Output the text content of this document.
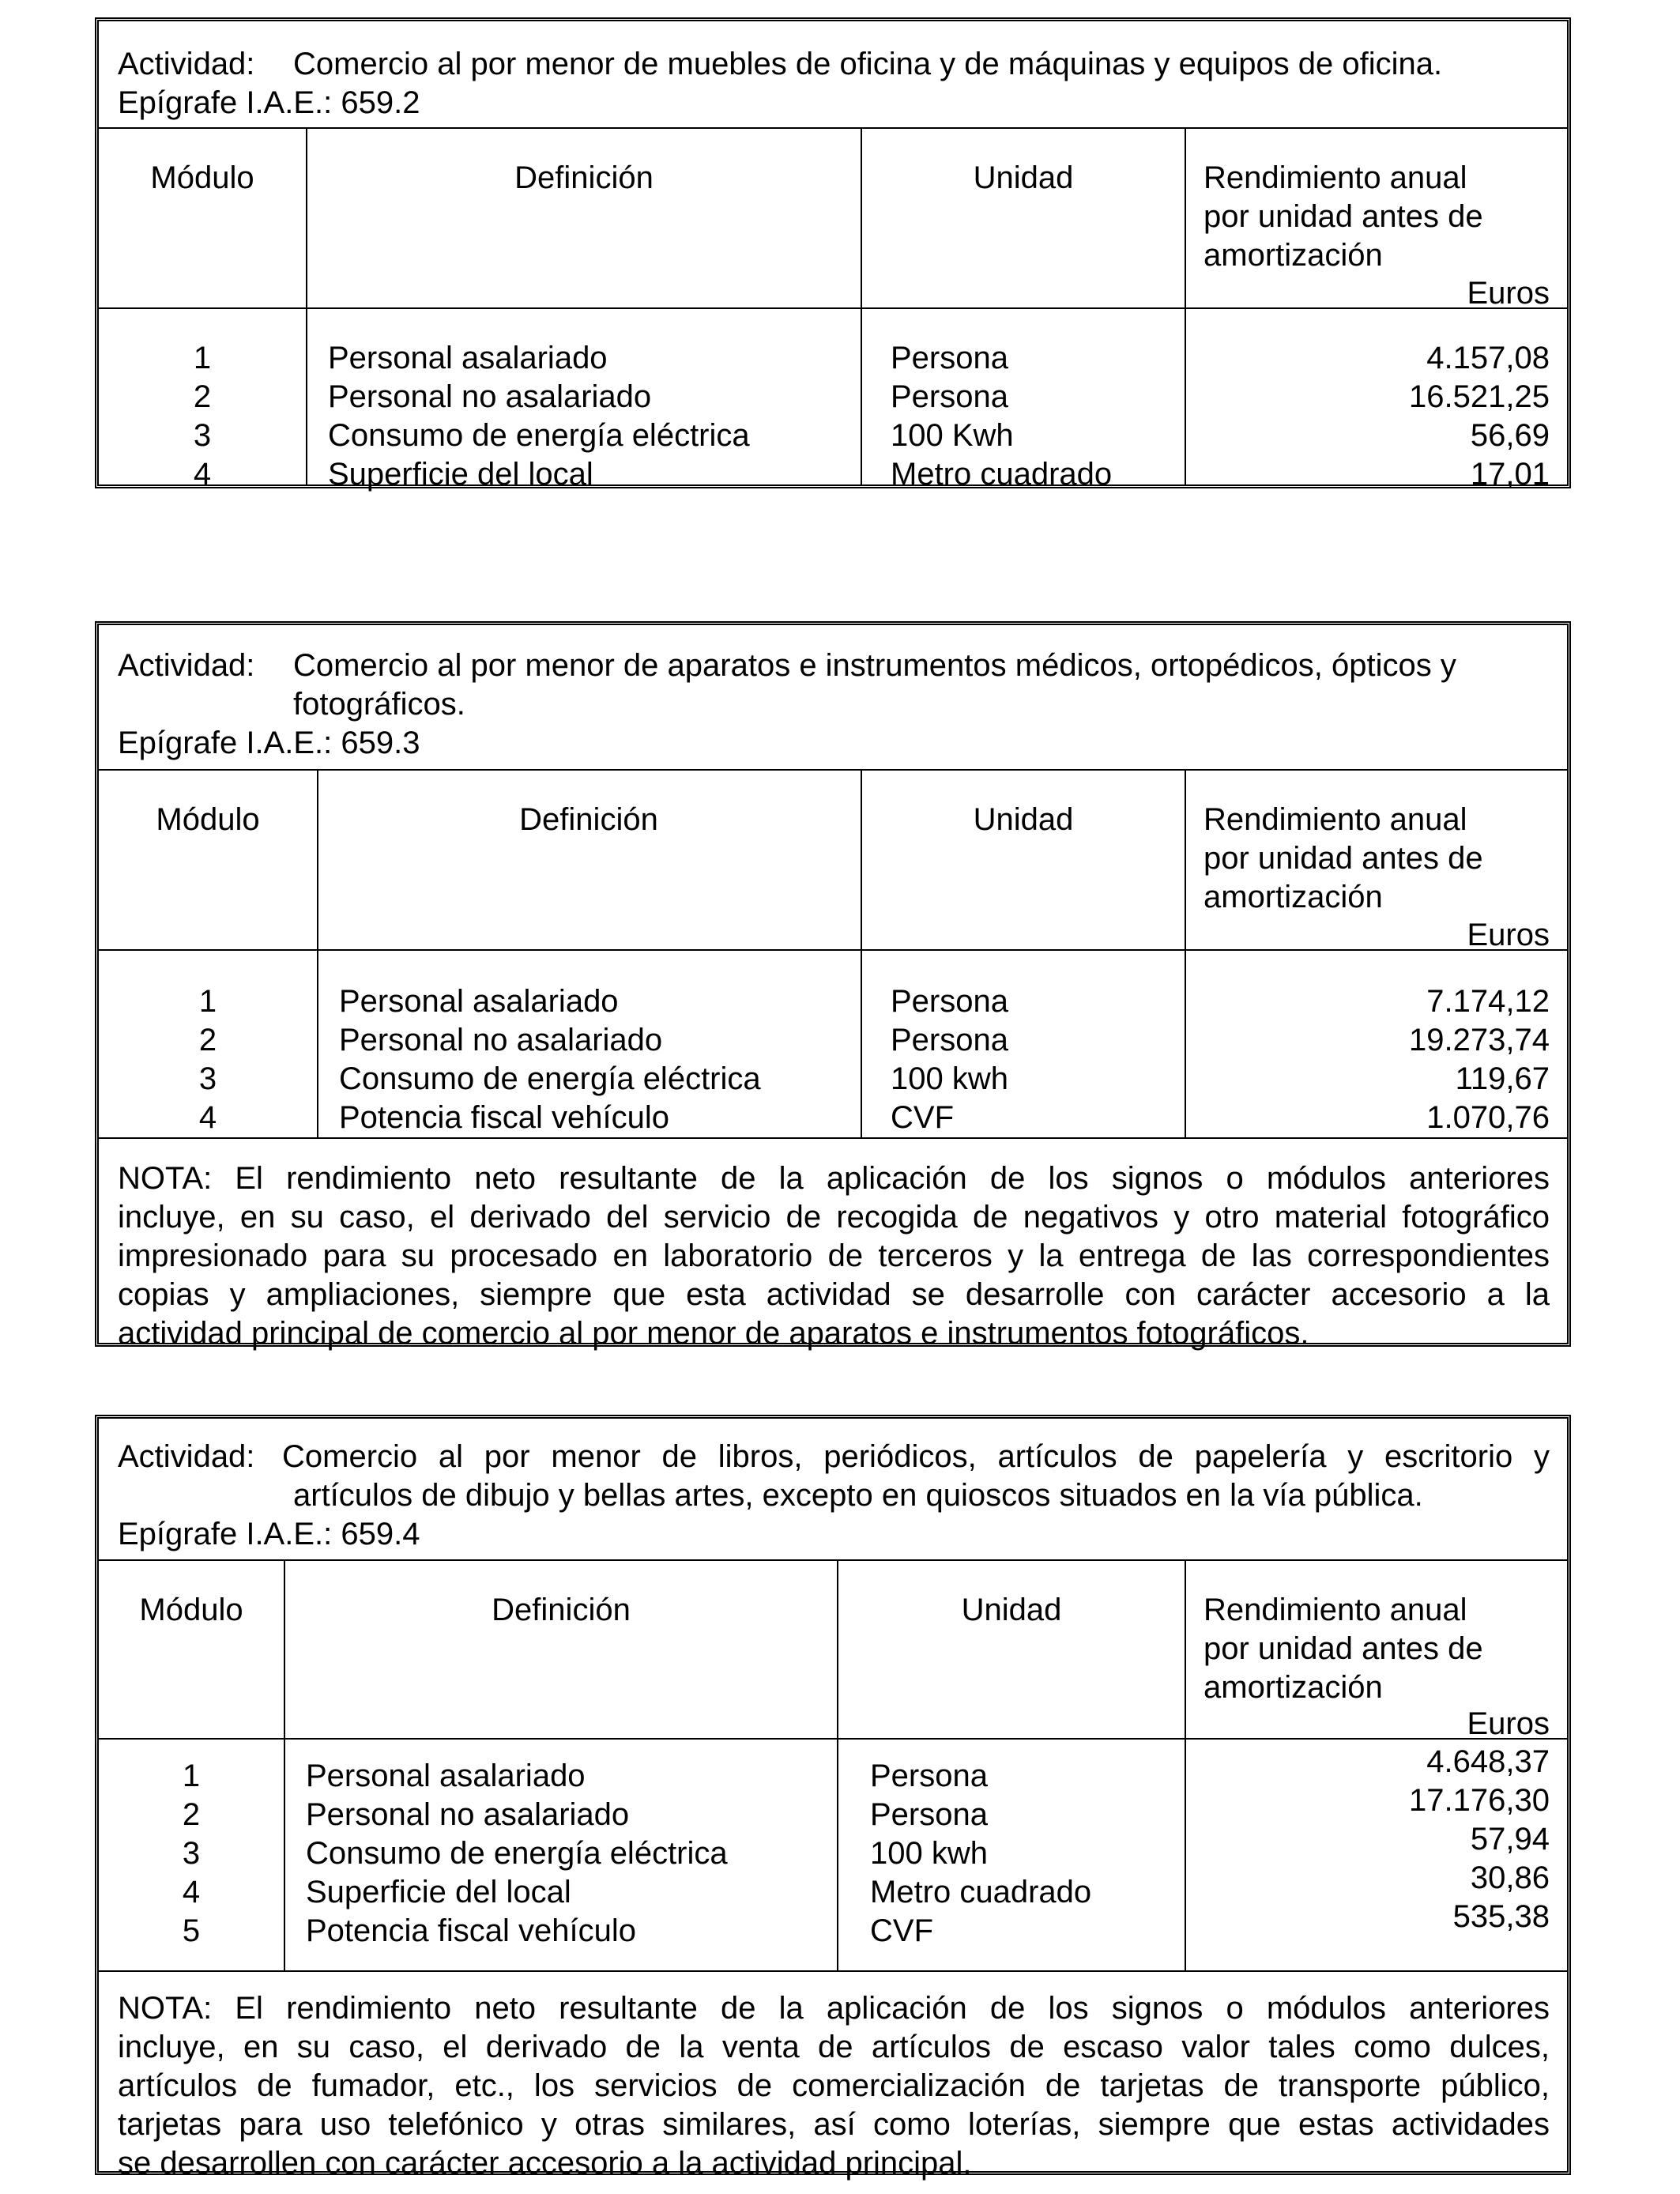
Actividad: Comercio al por menor de muebles de oficina y de máquinas y equipos de oficina.
Epígrafe I.A.E.: 659.2
Módulo	Definición	Unidad	Rendimiento anual
por unidad antes de
amortización
Euros
1	Personal asalariado	Persona	4.157,08
2	Personal no asalariado	Persona	16.521,25
3	Consumo de energía eléctrica	100 Kwh	56,69
4	Superficie del local	Metro cuadrado	17,01
Actividad: Comercio al por menor de aparatos e instrumentos médicos, ortopédicos, ópticos y
fotográficos.
Epígrafe I.A.E.: 659.3
Módulo	Definición	Unidad	Rendimiento anual
por unidad antes de
amortización
Euros
1	Personal asalariado	Persona	7.174,12
2	Personal no asalariado	Persona	19.273,74
3	Consumo de energía eléctrica	100 kwh	119,67
4	Potencia fiscal vehículo	CVF	1.070,76
NOTA: El rendimiento neto resultante de la aplicación de los signos o módulos anteriores
incluye, en su caso, el derivado del servicio de recogida de negativos y otro material fotográfico
impresionado para su procesado en laboratorio de terceros y la entrega de las correspondientes
copias y ampliaciones, siempre que esta actividad se desarrolle con carácter accesorio a la
actividad principal de comercio al por menor de aparatos e instrumentos fotográficos.
Actividad: Comercio al por menor de libros, periódicos, artículos de papelería y escritorio y
artículos de dibujo y bellas artes, excepto en quioscos situados en la vía pública.
Epígrafe I.A.E.: 659.4
Módulo	Definición	Unidad	Rendimiento anual
por unidad antes de
amortización
Euros
1	Personal asalariado	Persona	4.648,37
2	Personal no asalariado	Persona	17.176,30
3	Consumo de energía eléctrica	100 kwh	57,94
4	Superficie del local	Metro cuadrado	30,86
5	Potencia fiscal vehículo	CVF	535,38
NOTA: El rendimiento neto resultante de la aplicación de los signos o módulos anteriores
incluye, en su caso, el derivado de la venta de artículos de escaso valor tales como dulces,
artículos de fumador, etc., los servicios de comercialización de tarjetas de transporte público,
tarjetas para uso telefónico y otras similares, así como loterías, siempre que estas actividades
se desarrollen con carácter accesorio a la actividad principal.
